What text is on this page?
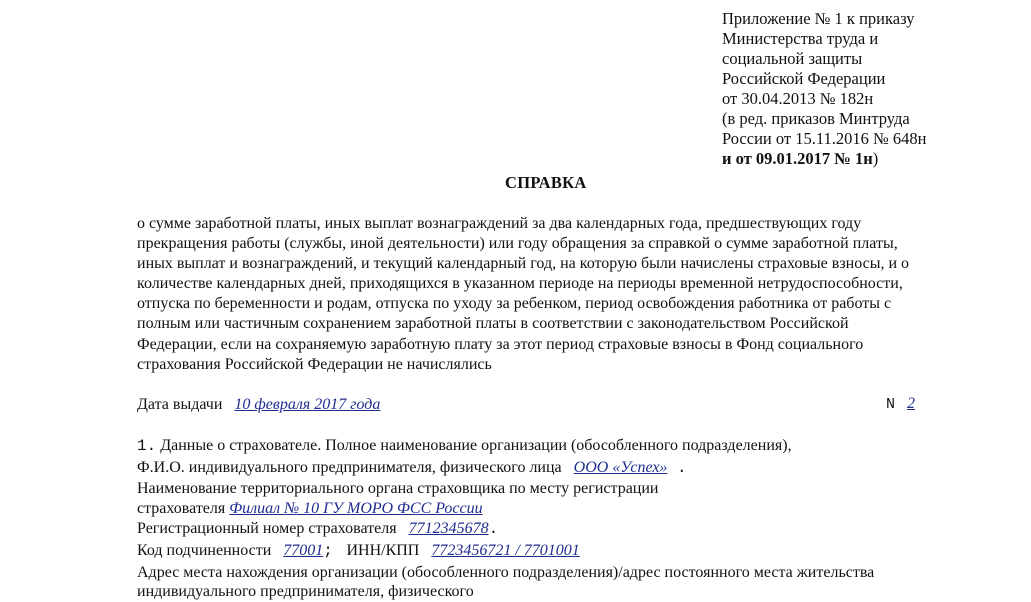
Приложение № 1 к приказу
Министерства труда и
социальной защиты
Российской Федерации
от 30.04.2013 № 182н
(в ред. приказов Минтруда
России от 15.11.2016 № 648н
и от 09.01.2017 № 1н)
СПРАВКА
о сумме заработной платы, иных выплат вознаграждений за два календарных года, предшествующих году
прекращения работы (службы, иной деятельности) или году обращения за справкой о сумме заработной платы,
иных выплат и вознаграждений, и текущий календарный год, на которую были начислены страховые взносы, и о
количестве календарных дней, приходящихся в указанном периоде на периоды временной нетрудоспособности,
отпуска по беременности и родам, отпуска по уходу за ребенком, период освобождения работника от работы с
полным или частичным сохранением заработной платы в соответствии с законодательством Российской
Федерации, если на сохраняемую заработную плату за этот период страховые взносы в Фонд социального
страхования Российской Федерации не начислялись
Дата выдачи 10 февраля 2017 года	N 2
1. Данные о страхователе. Полное наименование организации (обособленного подразделения),
Ф.И.О. индивидуального предпринимателя, физического лица ООО «Успех» .
Наименование территориального органа страховщика по месту регистрации
страхователя Филиал № 10 ГУ МОРО ФСС России
Регистрационный номер страхователя 7712345678.
Код подчиненности 77001;  ИНН/КПП 7723456721 / 7701001
Адрес места нахождения организации (обособленного подразделения)/адрес постоянного места жительства
индивидуального предпринимателя, физического
